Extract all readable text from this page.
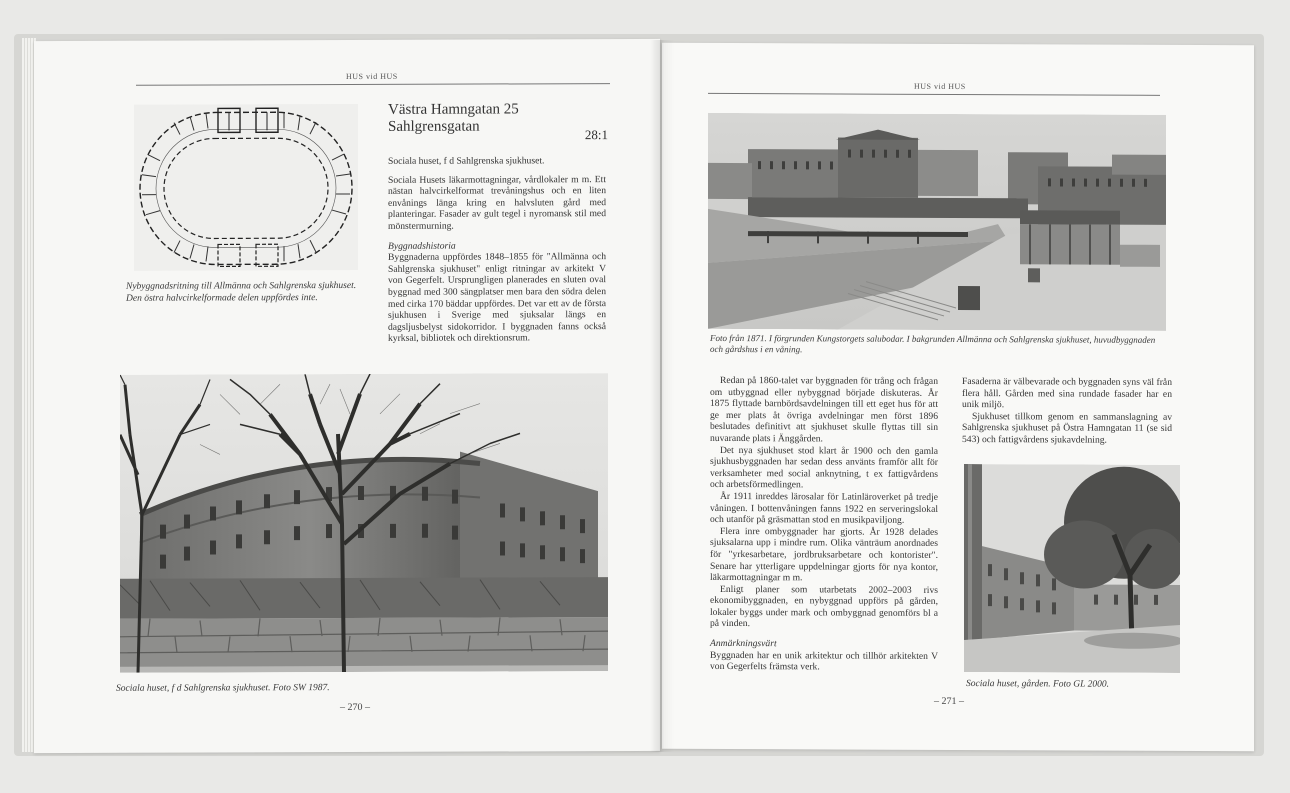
HUS vid HUS
Nybyggnadsritning till Allmänna och Sahlgrenska sjukhuset. Den östra halvcirkelformade delen uppfördes inte.
Västra Hamngatan 25
Sahlgrensgatan	28:1

Sociala huset, f d Sahlgrenska sjukhuset.

Sociala Husets läkarmottagningar, vårdlokaler m m. Ett nästan halvcirkelformat trevåningshus och en liten envånings länga kring en halvsluten gård med planteringar. Fasader av gult tegel i nyromansk stil med mönstermurning.

Byggnadshistoria

Byggnaderna uppfördes 1848–1855 för "Allmänna och Sahlgrenska sjukhuset" enligt ritningar av arkitekt V von Gegerfelt. Ursprungligen planerades en sluten oval byggnad med 300 sängplatser men bara den södra delen med cirka 170 bäddar uppfördes. Det var ett av de första sjukhusen i Sverige med sjuksalar längs en dagsljusbelyst sidokorridor. I byggnaden fanns också kyrksal, bibliotek och direktionsrum.

Sociala huset, f d Sahlgrenska sjukhuset. Foto SW 1987.
– 270 –
HUS vid HUS
Foto från 1871. I förgrunden Kungstorgets salubodar. I bakgrunden Allmänna och Sahlgrenska sjukhuset, huvudbyggnaden och gårdshus i en våning.

Redan på 1860-talet var byggnaden för trång och frågan om utbyggnad eller nybyggnad började diskuteras. År 1875 flyttade barnbördsavdelningen till ett eget hus för att ge mer plats åt övriga avdelningar men först 1896 beslutades definitivt att sjukhuset skulle flyttas till sin nuvarande plats i Änggården.

Det nya sjukhuset stod klart år 1900 och den gamla sjukhusbyggnaden har sedan dess använts framför allt för verksamheter med social anknytning, t ex fattigvårdens och arbetsförmedlingen.

År 1911 inreddes lärosalar för Latinläroverket på tredje våningen. I bottenvåningen fanns 1922 en serveringslokal och utanför på gräsmattan stod en musikpaviljong.

Flera inre ombyggnader har gjorts. År 1928 delades sjuksalarna upp i mindre rum. Olika vänträum anordnades för "yrkesarbetare, jordbruksarbetare och kontorister". Senare har ytterligare uppdelningar gjorts för nya kontor, läkarmottagningar m m.

Enligt planer som utarbetats 2002–2003 rivs ekonomibyggnaden, en nybyggnad uppförs på gården, lokaler byggs under mark och ombyggnad genomförs bl a på vinden.

Anmärkningsvärt

Byggnaden har en unik arkitektur och tillhör arkitekten V von Gegerfelts främsta verk.

Fasaderna är välbevarade och byggnaden syns väl från flera håll. Gården med sina rundade fasader har en unik miljö.

Sjukhuset tillkom genom en sammanslagning av Sahlgrenska sjukhuset på Östra Hamngatan 11 (se sid 543) och fattigvårdens sjukavdelning.

Sociala huset, gården. Foto GL 2000.
– 271 –
